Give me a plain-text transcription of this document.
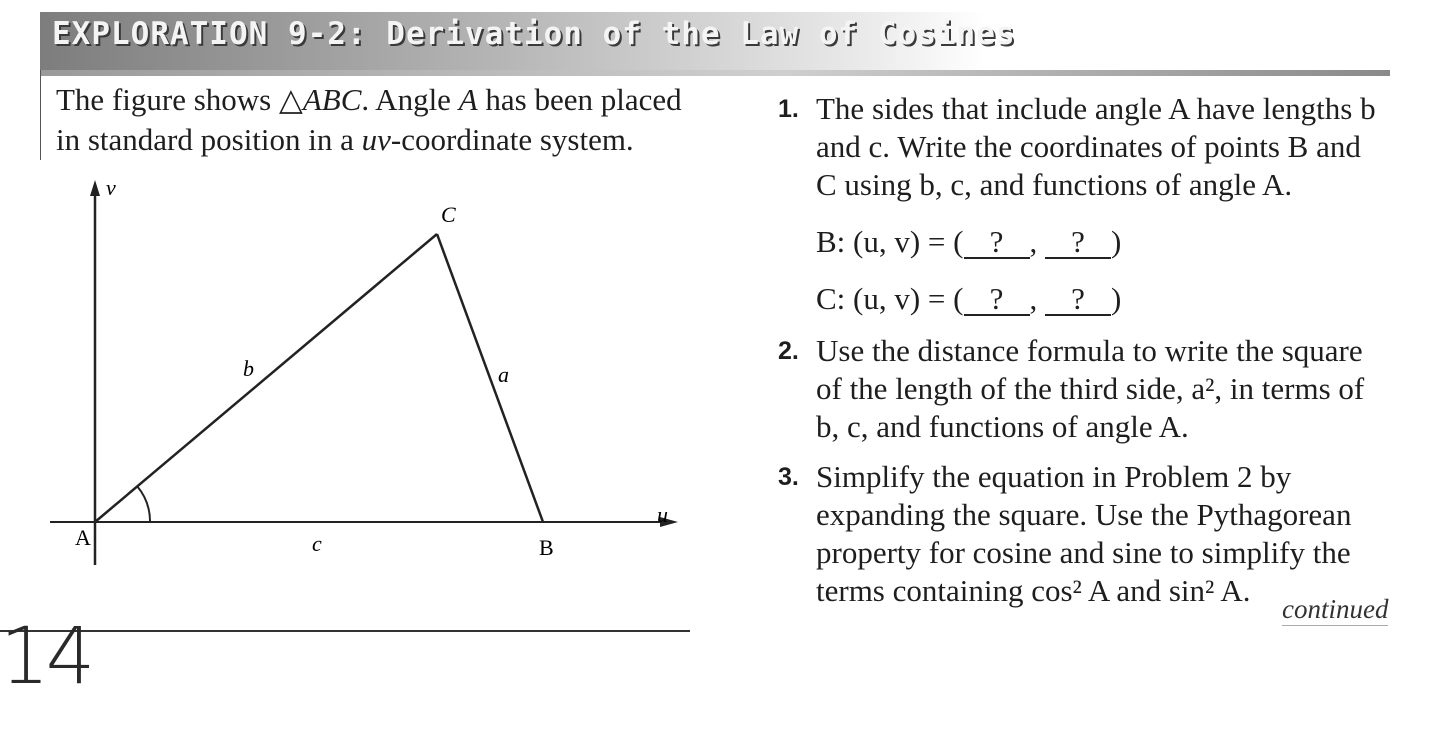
EXPLORATION 9-2: Derivation of the Law of Cosines
The figure shows △ABC. Angle A has been placed
in standard position in a uv-coordinate system.
v
u
A	B
C
a
b
c
1. The sides that include angle A have lengths b
and c. Write the coordinates of points B and
C using b, c, and functions of angle A.
B: (u, v) = ( ? , ? )
C: (u, v) = ( ? , ? )
2. Use the distance formula to write the square
of the length of the third side, a², in terms of
b, c, and functions of angle A.
3. Simplify the equation in Problem 2 by
expanding the square. Use the Pythagorean
property for cosine and sine to simplify the
terms containing cos² A and sin² A.
continued
14
